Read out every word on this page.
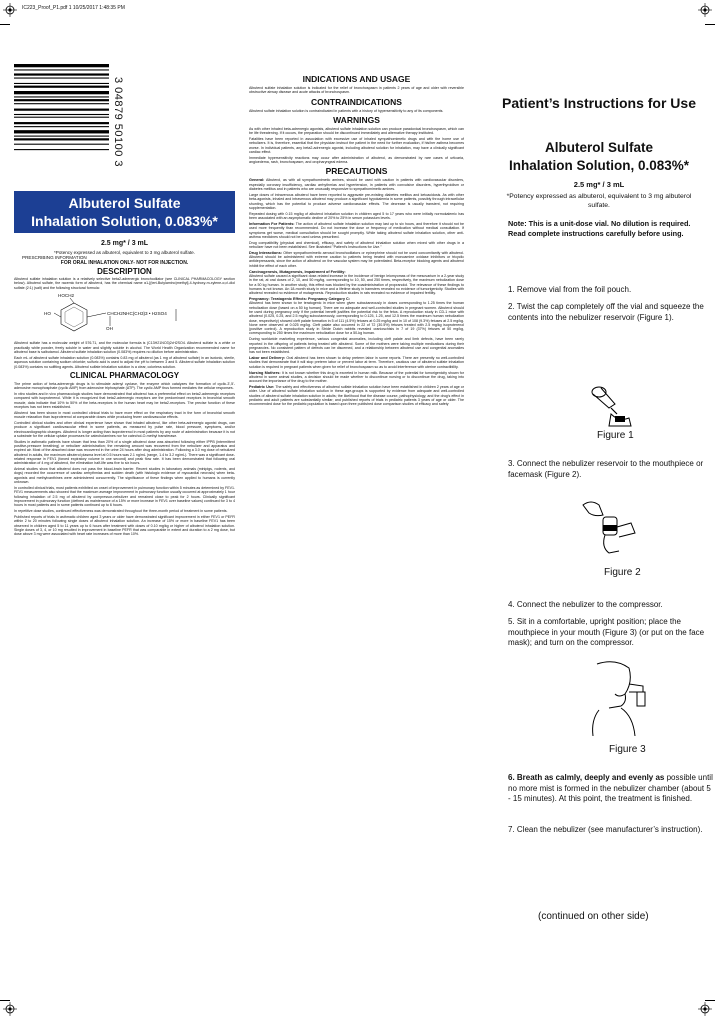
IC223_Proof_P1.pdf 1 10/25/2017 1:48:35 PM
3 04879 50100 3
Albuterol Sulfate
Inhalation Solution, 0.083%*
2.5 mg* / 3 mL
*Potency expressed as albuterol, equivalent to 3 mg albuterol sulfate.
PRESCRIBING INFORMATION
FOR ORAL INHALATION ONLY- NOT FOR INJECTION.
DESCRIPTION

Albuterol sulfate inhalation solution is a relatively selective beta2-adrenergic bronchodilator (see CLINICAL PHARMACOLOGY section below). Albuterol sulfate, the racemic form of albuterol, has the chemical name α1-[(tert-Butylamino)methyl]-4-hydroxy-m-xylene-α,α'-diol sulfate (2:1) (salt) and the following structural formula:

HOCH2
HO	CHCH2NHC(CH3)3 • H2SO4
OH

Albuterol sulfate has a molecular weight of 576.71, and the molecular formula is (C13H21NO3)2•H2SO4. Albuterol sulfate is a white or practically white powder, freely soluble in water and slightly soluble in alcohol. The World Health Organization recommended name for albuterol base is salbutamol. Albuterol sulfate inhalation solution (0.083%) requires no dilution before administration.

Each mL of albuterol sulfate inhalation solution (0.083%) contains 0.83 mg of albuterol (as 1 mg of albuterol sulfate) in an isotonic, sterile, aqueous solution containing sodium chloride; sulfuric acid is used to adjust the pH to between 3 and 5. Albuterol sulfate inhalation solution (0.083%) contains no sulfiting agents. Albuterol sulfate inhalation solution is a clear, colorless solution.

CLINICAL PHARMACOLOGY

The prime action of beta-adrenergic drugs is to stimulate adenyl cyclase, the enzyme which catalyzes the formation of cyclic-3',5'-adenosine monophosphate (cyclic AMP) from adenosine triphosphate (ATP). The cyclic AMP thus formed mediates the cellular responses.

In vitro studies and in vivo pharmacologic studies have demonstrated that albuterol has a preferential effect on beta2-adrenergic receptors compared with isoproterenol. While it is recognized that beta2-adrenergic receptors are the predominant receptors in bronchial smooth muscle, data indicate that 10% to 50% of the beta-receptors in the human heart may be beta2-receptors. The precise function of these receptors has not been established.

Albuterol has been shown in most controlled clinical trials to have more effect on the respiratory tract in the form of bronchial smooth muscle relaxation than isoproterenol at comparable doses while producing fewer cardiovascular effects.

Controlled clinical studies and other clinical experience have shown that inhaled albuterol, like other beta-adrenergic agonist drugs, can produce a significant cardiovascular effect in some patients, as measured by pulse rate, blood pressure, symptoms, and/or electrocardiographic changes. Albuterol is longer acting than isoproterenol in most patients by any route of administration because it is not a substrate for the cellular uptake processes for catecholamines nor for catechol-O-methyl transferase.

Studies in asthmatic patients have shown that less than 20% of a single albuterol dose was absorbed following either IPPB (intermittent positive-pressure breathing) or nebulizer administration; the remaining amount was recovered from the nebulizer and apparatus and expired air. Most of the absorbed dose was recovered in the urine 24 hours after drug administration. Following a 3.0 mg dose of nebulized albuterol in adults, the maximum albuterol plasma level at 0.5 hours was 2.1 ng/mL (range, 1.4 to 3.2 ng/mL). There was a significant dose-related response in FEV1 (forced expiratory volume in one second) and peak flow rate. It has been demonstrated that following oral administration of 4 mg of albuterol, the elimination half-life was five to six hours.

Animal studies show that albuterol does not pass the blood-brain barrier. Recent studies in laboratory animals (minipigs, rodents, and dogs) recorded the occurrence of cardiac arrhythmias and sudden death (with histologic evidence of myocardial necrosis) when beta-agonists and methylxanthines were administered concurrently. The significance of these findings when applied to humans is currently unknown.

In controlled clinical trials, most patients exhibited an onset of improvement in pulmonary function within 5 minutes as determined by FEV1. FEV1 measurements also showed that the maximum average improvement in pulmonary function usually occurred at approximately 1 hour following inhalation of 2.5 mg of albuterol by compressor-nebulizer and remained close to peak for 2 hours. Clinically significant improvement in pulmonary function (defined as maintenance of a 15% or more increase in FEV1 over baseline values) continued for 3 to 4 hours in most patients and in some patients continued up to 6 hours.

In repetitive dose studies, continued effectiveness was demonstrated throughout the three-month period of treatment in some patients.

Published reports of trials in asthmatic children aged 3 years or older have demonstrated significant improvement in either FEV1 or PEFR within 2 to 20 minutes following single doses of albuterol inhalation solution. An increase of 15% or more in baseline FEV1 has been observed in children aged 5 to 11 years up to 6 hours after treatment with doses of 0.10 mg/kg or higher of albuterol inhalation solution. Single doses of 3, 4, or 10 mg resulted in improvement in baseline PEFR that was comparable in extent and duration to a 2 mg dose, but dose above 3 mg were associated with heart rate increases of more than 10%.

INDICATIONS AND USAGE

Albuterol sulfate inhalation solution is indicated for the relief of bronchospasm in patients 2 years of age and older with reversible obstructive airway disease and acute attacks of bronchospasm.

CONTRAINDICATIONS

Albuterol sulfate inhalation solution is contraindicated in patients with a history of hypersensitivity to any of its components.

WARNINGS

As with other inhaled beta-adrenergic agonists, albuterol sulfate inhalation solution can produce paradoxical bronchospasm, which can be life threatening. If it occurs, the preparation should be discontinued immediately and alternative therapy instituted.

Fatalities have been reported in association with excessive use of inhaled sympathomimetic drugs and with the home use of nebulizers. It is, therefore, essential that the physician instruct the patient in the need for further evaluation, if his/her asthma becomes worse. In individual patients, any beta2-adrenergic agonist, including albuterol solution for inhalation, may have a clinically significant cardiac effect.

Immediate hypersensitivity reactions may occur after administration of albuterol, as demonstrated by rare cases of urticaria, angioedema, rash, bronchospasm, and oropharyngeal edema.

PRECAUTIONS

General: Albuterol, as with all sympathomimetic amines, should be used with caution in patients with cardiovascular disorders, especially coronary insufficiency, cardiac arrhythmias and hypertension, in patients with convulsive disorders, hyperthyroidism or diabetes mellitus and in patients who are unusually responsive to sympathomimetic amines.

Large doses of intravenous albuterol have been reported to aggravate pre-existing diabetes mellitus and ketoacidosis. As with other beta-agonists, inhaled and intravenous albuterol may produce a significant hypokalemia in some patients, possibly through intracellular shunting, which has the potential to produce adverse cardiovascular effects. The decrease is usually transient, not requiring supplementation.

Repeated dosing with 0.15 mg/kg of albuterol inhalation solution in children aged 5 to 17 years who were initially normokalemic has been associated with an asymptomatic decline of 20% to 25% in serum potassium levels.

Information For Patients: The action of albuterol sulfate inhalation solution may last up to six hours, and therefore it should not be used more frequently than recommended. Do not increase the dose or frequency of medication without medical consultation. If symptoms get worse, medical consultation should be sought promptly. While taking albuterol sulfate inhalation solution, other anti-asthma medicines should not be used unless prescribed.

Drug compatibility (physical and chemical), efficacy, and safety of albuterol inhalation solution when mixed with other drugs in a nebulizer have not been established. See illustrated "Patient's Instructions for Use."

Drug Interactions: Other sympathomimetic aerosol bronchodilators or epinephrine should not be used concomitantly with albuterol. Albuterol should be administered with extreme caution to patients being treated with monoamine oxidase inhibitors or tricyclic antidepressants, since the action of albuterol on the vascular system may be potentiated. Beta-receptor blocking agents and albuterol inhibit the effect of each other.

Carcinogenesis, Mutagenesis, Impairment of Fertility:

Albuterol sulfate caused a significant dose-related increase in the incidence of benign leiomyomas of the mesovarium in a 2-year study in the rat, at oral doses of 2, 10, and 50 mg/kg, corresponding to 10, 50, and 250 times, respectively, the maximum nebulization dose for a 50 kg human. In another study, this effect was blocked by the coadministration of propranolol. The relevance of these findings to humans is not known. An 18-month study in mice and a lifetime study in hamsters revealed no evidence of tumorigenicity. Studies with albuterol revealed no evidence of mutagenesis. Reproduction studies in rats revealed no evidence of impaired fertility.

Pregnancy: Teratogenic Effects: Pregnancy Category C:

Albuterol has been shown to be teratogenic in mice when given subcutaneously in doses corresponding to 1.25 times the human nebulization dose (based on a 50 kg human). There are no adequate and well-controlled studies in pregnant women. Albuterol should be used during pregnancy only if the potential benefit justifies the potential risk to the fetus. A reproduction study in CD-1 mice with albuterol (0.025, 0.25, and 2.5 mg/kg subcutaneously, corresponding to 0.125, 1.25, and 12.5 times the maximum human nebulization dose, respectively) showed cleft palate formation in 5 of 111 (4.5%) fetuses at 0.25 mg/kg and in 10 of 108 (9.3%) fetuses at 2.5 mg/kg. None were observed at 0.025 mg/kg. Cleft palate also occurred in 22 of 72 (30.5%) fetuses treated with 2.5 mg/kg isoproterenol (positive control). A reproduction study in Stride Dutch rabbits revealed cranioschisis in 7 of 19 (37%) fetuses at 50 mg/kg, corresponding to 250 times the maximum nebulization dose for a 50-kg human.

During worldwide marketing experience, various congenital anomalies, including cleft palate and limb defects, have been rarely reported in the offspring of patients being treated with albuterol. Some of the mothers were taking multiple medications during their pregnancies. No consistent pattern of defects can be discerned, and a relationship between albuterol use and congenital anomalies has not been established.

Labor and Delivery: Oral albuterol has been shown to delay preterm labor in some reports. There are presently no well-controlled studies that demonstrate that it will stop preterm labor or prevent labor at term. Therefore, cautious use of albuterol sulfate inhalation solution is required in pregnant patients when given for relief of bronchospasm so as to avoid interference with uterine contractibility.

Nursing Mothers: It is not known whether this drug is excreted in human milk. Because of the potential for tumorigenicity shown for albuterol in some animal studies, a decision should be made whether to discontinue nursing or to discontinue the drug, taking into account the importance of the drug to the mother.

Pediatric Use: The safety and effectiveness of albuterol sulfate inhalation solution have been established in children 2 years of age or older. Use of albuterol sulfate inhalation solution in these age-groups is supported by evidence from adequate and well-controlled studies of albuterol sulfate inhalation solution in adults; the likelihood that the disease course, pathophysiology, and the drug's effect in pediatric and adult patients are substantially similar; and published reports of trials in pediatric patients 3 years of age or older. The recommended dose for the pediatric population is based upon three published dose comparison studies of efficacy and safety

Patient’s Instructions for Use
Albuterol Sulfate
Inhalation Solution, 0.083%*
2.5 mg* / 3 mL
*Potency expressed as albuterol, equivalent to 3 mg albuterol sulfate.
Note: This is a unit-dose vial. No dilution is required. Read complete instructions carefully before using.
1. Remove vial from the foil pouch.
2. Twist the cap completely off the vial and squeeze the contents into the nebulizer reservoir (Figure 1).
Figure 1
3. Connect the nebulizer reservoir to the mouthpiece or facemask (Figure 2).
Figure 2
4. Connect the nebulizer to the compressor.
5. Sit in a comfortable, upright position; place the mouthpiece in your mouth (Figure 3) (or put on the face mask); and turn on the compressor.
Figure 3
6. Breath as calmly, deeply and evenly as possible until no more mist is formed in the nebulizer chamber (about 5 - 15 minutes). At this point, the treatment is finished.
7. Clean the nebulizer (see manufacturer’s instruction).
(continued on other side)
